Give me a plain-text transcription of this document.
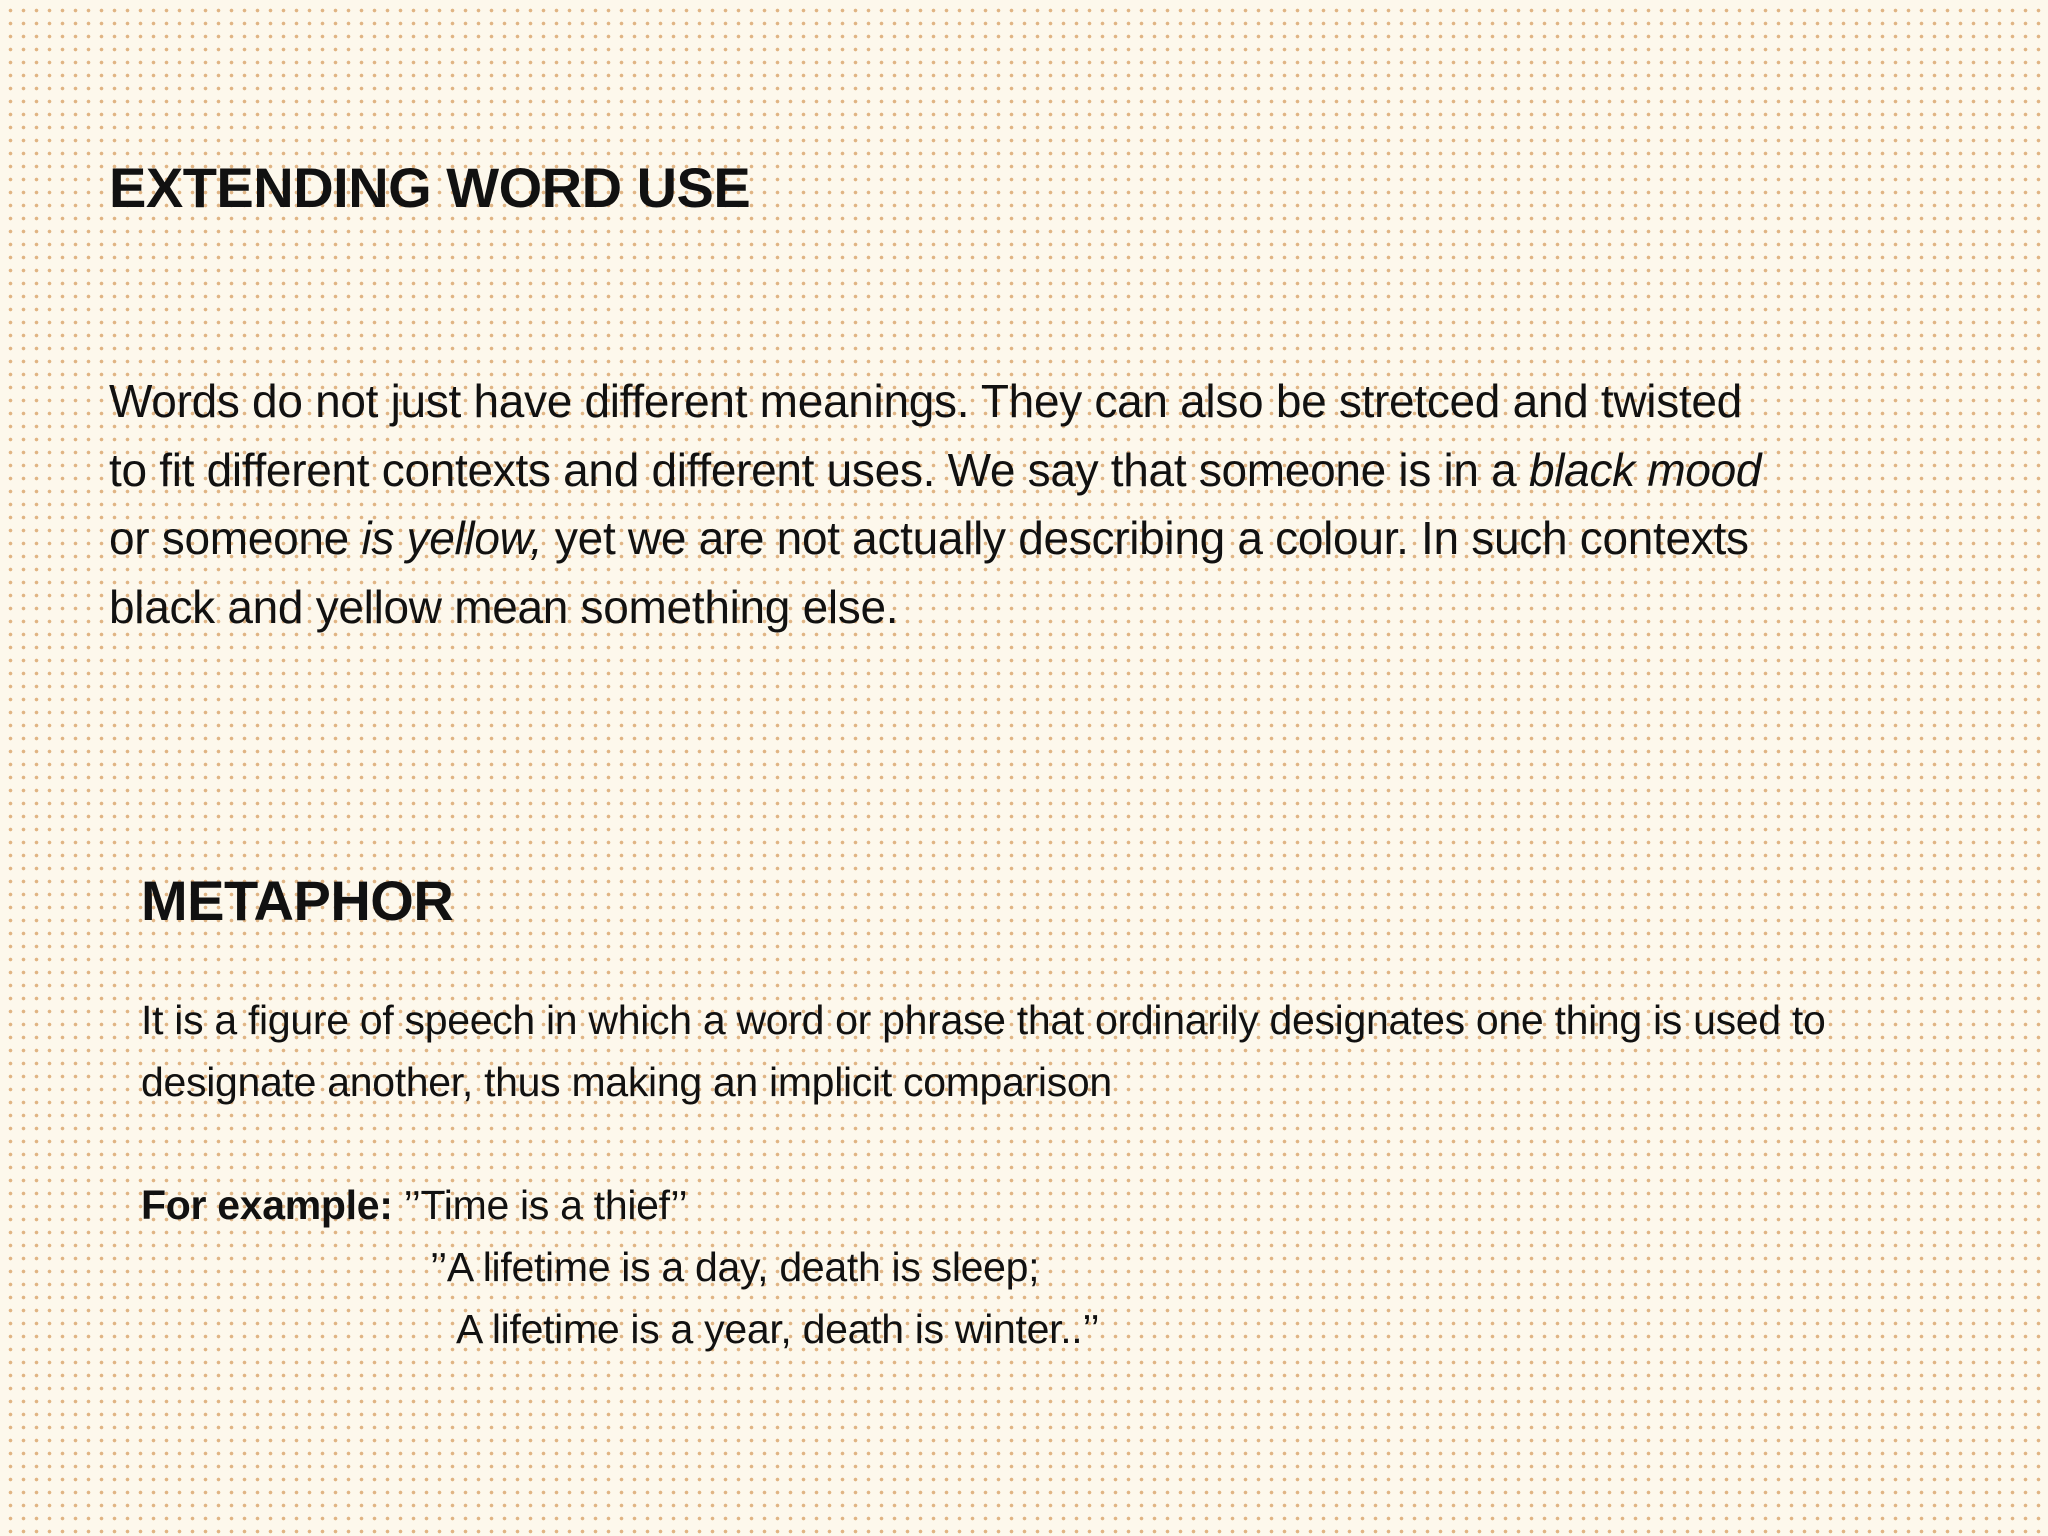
EXTENDING WORD USE

Words do not just have different meanings. They can also be stretced and twisted to fit different contexts and different uses. We say that someone is in a black mood or someone is yellow, yet we are not actually describing a colour. In such contexts black and yellow mean something else.

METAPHOR

It is a figure of speech in which a word or phrase that ordinarily designates one thing is used to designate another, thus making an implicit comparison

For example: ’’Time is a thief’’

’’A lifetime is a day, death is sleep;

A lifetime is a year, death is winter..’’
